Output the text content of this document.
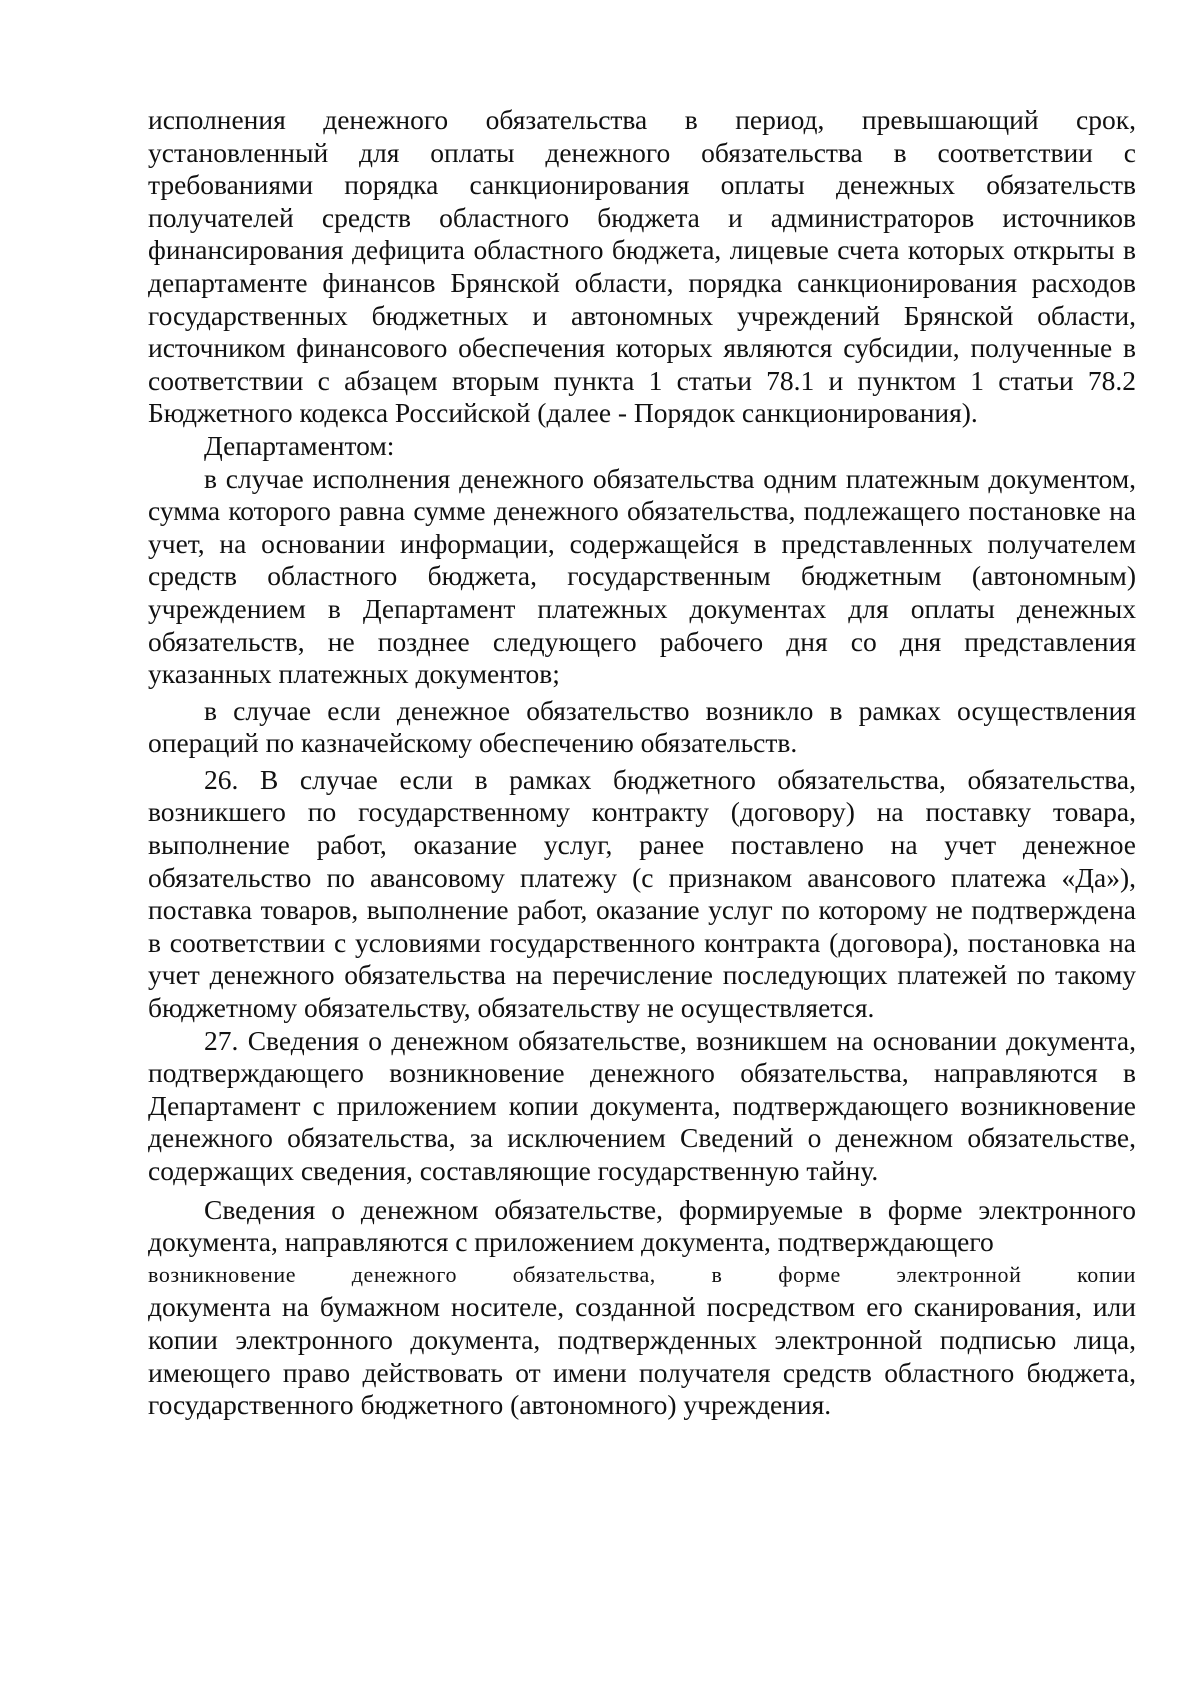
исполнения денежного обязательства в период, превышающий срок, установленный для оплаты денежного обязательства в соответствии с требованиями порядка санкционирования оплаты денежных обязательств получателей средств областного бюджета и администраторов источников финансирования дефицита областного бюджета, лицевые счета которых открыты в департаменте финансов Брянской области, порядка санкционирования расходов государственных бюджетных и автономных учреждений Брянской области, источником финансового обеспечения которых являются субсидии, полученные в соответствии с абзацем вторым пункта 1 статьи 78.1 и пунктом 1 статьи 78.2 Бюджетного кодекса Российской (далее - Порядок санкционирования).

Департаментом:

в случае исполнения денежного обязательства одним платежным документом, сумма которого равна сумме денежного обязательства, подлежащего постановке на учет, на основании информации, содержащейся в представленных получателем средств областного бюджета, государственным бюджетным (автономным) учреждением в Департамент платежных документах для оплаты денежных обязательств, не позднее следующего рабочего дня со дня представления указанных платежных документов;

в случае если денежное обязательство возникло в рамках осуществления операций по казначейскому обеспечению обязательств.

26. В случае если в рамках бюджетного обязательства, обязательства, возникшего по государственному контракту (договору) на поставку товара, выполнение работ, оказание услуг, ранее поставлено на учет денежное обязательство по авансовому платежу (с признаком авансового платежа «Да»), поставка товаров, выполнение работ, оказание услуг по которому не подтверждена в соответствии с условиями государственного контракта (договора), постановка на учет денежного обязательства на перечисление последующих платежей по такому бюджетному обязательству, обязательству не осуществляется.

27. Сведения о денежном обязательстве, возникшем на основании документа, подтверждающего возникновение денежного обязательства, направляются в Департамент с приложением копии документа, подтверждающего возникновение денежного обязательства, за исключением Сведений о денежном обязательстве, содержащих сведения, составляющие государственную тайну.

Сведения о денежном обязательстве, формируемые в форме электронного документа, направляются с приложением документа, подтверждающего
возникновение денежного обязательства, в форме электронной копии
документа на бумажном носителе, созданной посредством его сканирования, или копии электронного документа, подтвержденных электронной подписью лица, имеющего право действовать от имени получателя средств областного бюджета, государственного бюджетного (автономного) учреждения.
